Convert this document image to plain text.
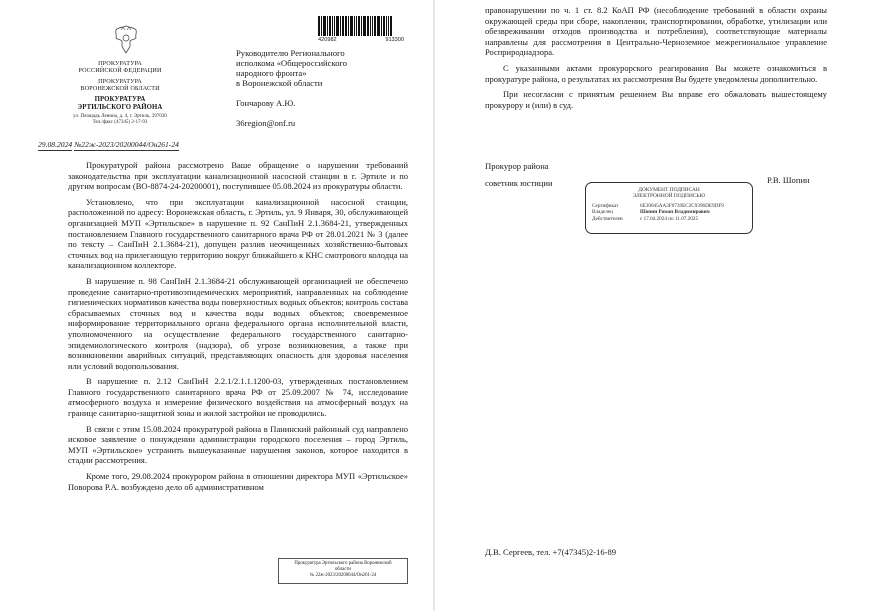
ПРОКУРАТУРА
РОССИЙСКОЙ ФЕДЕРАЦИИ
ПРОКУРАТУРА
ВОРОНЕЖСКОЙ ОБЛАСТИ
ПРОКУРАТУРА
ЭРТИЛЬСКОГО РАЙОНА
ул. Площадь Ленина, д. 4, г. Эртиль, 397030
Тел./факс (47345) 2-17-93
29.08.2024 №22ж-2023/20200044/Он261-24
420982	913300
Руководителю Регионального
исполкома «Общероссийского
народного фронта»
в Воронежской области
Гончарову А.Ю.
36region@onf.ru

Прокуратурой района рассмотрено Ваше обращение о нарушении требований законодательства при эксплуатации канализационной насосной станции в г. Эртиле и по другим вопросам (ВО-8874-24-20200001), поступившее 05.08.2024 из прокуратуры области.

Установлено, что при эксплуатации канализационной насосной станции, расположенной по адресу: Воронежская область, г. Эртиль, ул. 9 Января, 30, обслуживающей организацией МУП «Эртильское» в нарушение п. 92 СанПиН 2.1.3684-21, утвержденных постановлением Главного государственного санитарного врача РФ от 28.01.2021 № 3 (далее по тексту – СанПиН 2.1.3684-21), допущен разлив неочищенных хозяйственно-бытовых сточных вод на прилегающую территорию вокруг ближайшего к КНС смотрового колодца на канализационном коллекторе.

В нарушение п. 98 СанПиН 2.1.3684-21 обслуживающей организацией не обеспечено проведение санитарно-противоэпидемических мероприятий, направленных на соблюдение гигиенических нормативов качества воды поверхностных водных объектов; контроль состава сбрасываемых сточных вод и качества воды водных объектов; своевременное информирование территориального органа федерального органа исполнительной власти, уполномоченного на осуществление федерального государственного санитарно-эпидемиологического контроля (надзора), об угрозе возникновения, а также при возникновении аварийных ситуаций, представляющих опасность для здоровья населения или условий водопользования.

В нарушение п. 2.12 СанПиН 2.2.1/2.1.1.1200-03, утвержденных постановлением Главного государственного санитарного врача РФ от 25.09.2007 № 74, исследование атмосферного воздуха и измерение физического воздействия на атмосферный воздух на границе санитарно-защитной зоны и жилой застройки не проводились.

В связи с этим 15.08.2024 прокуратурой района в Панинский районный суд направлено исковое заявление о понуждении администрации городского поселения – город Эртиль, МУП «Эртильское» устранить вышеуказанные нарушения законов, которое находится в стадии рассмотрения.

Кроме того, 29.08.2024 прокурором района в отношении директора МУП «Эртильское» Поворова Р.А. возбуждено дело об административном

Прокуратура Эртильского района Воронежской
области
№ 22ж-2023/20200044/Он261-24

правонарушении по ч. 1 ст. 8.2 КоАП РФ (несоблюдение требований в области охраны окружающей среды при сборе, накоплении, транспортировании, обработке, утилизации или обезвреживании отходов производства и потребления), соответствующие материалы направлены для рассмотрения в Центрально-Черноземное межрегиональное управление Росприроднадзора.

С указанными актами прокурорского реагирования Вы можете ознакомиться в прокуратуре района, о результатах их рассмотрения Вы будете уведомлены дополнительно.

При несогласии с принятым решением Вы вправе его обжаловать вышестоящему прокурору и (или) в суд.

Прокурор района
советник юстиции	Р.В. Шопин
ДОКУМЕНТ ПОДПИСАН
ЭЛЕКТРОННОЙ ПОДПИСЬЮ
Сертификат	6E30045AA3F0739EC2C9396DE9DF9
Владелец	Шопин Роман Владимирович
Действителен	с 17.04.2024 по 11.07.2025
Д.В. Сергеев, тел. +7(47345)2-16-89
